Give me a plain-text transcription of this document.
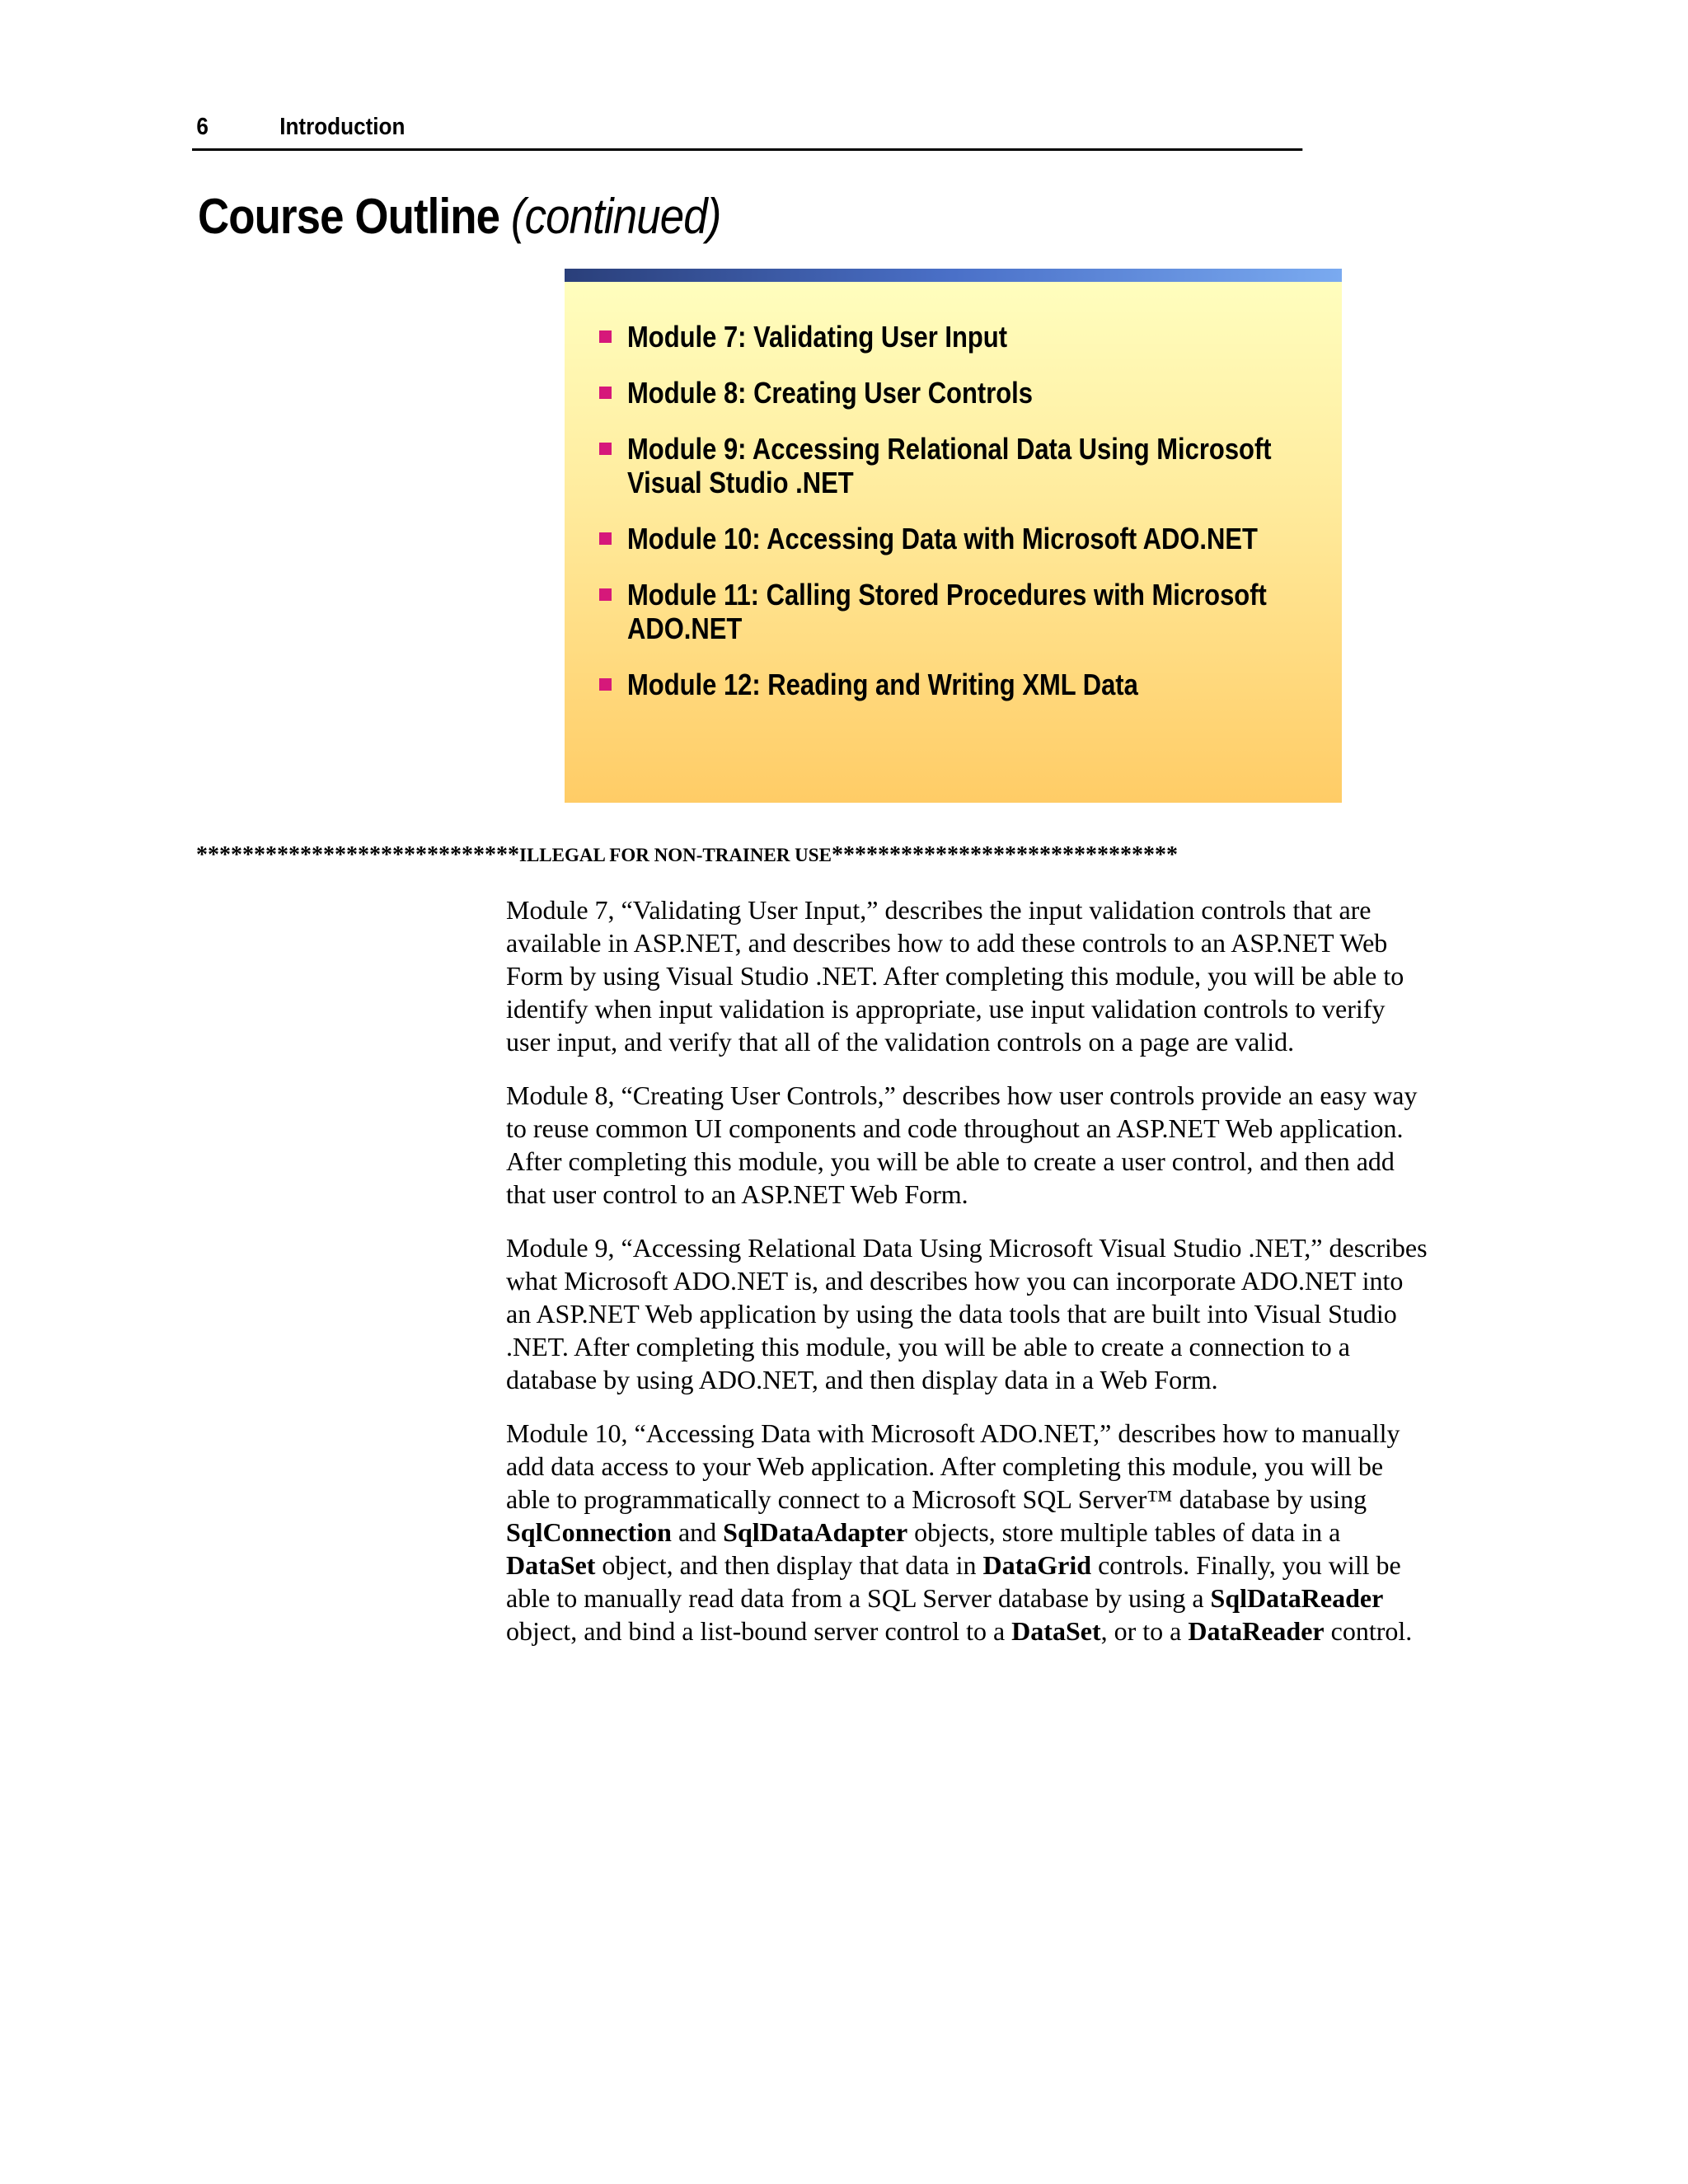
6	Introduction
Course Outline (continued)
Module 7: Validating User Input
Module 8: Creating User Controls
Module 9: Accessing Relational Data Using Microsoft Visual Studio .NET
Module 10: Accessing Data with Microsoft ADO.NET
Module 11: Calling Stored Procedures with Microsoft ADO.NET
Module 12: Reading and Writing XML Data
****************************ILLEGAL FOR NON-TRAINER USE******************************

Module 7, “Validating User Input,” describes the input validation controls that are available in ASP.NET, and describes how to add these controls to an ASP.NET Web Form by using Visual Studio .NET. After completing this module, you will be able to identify when input validation is appropriate, use input validation controls to verify user input, and verify that all of the validation controls on a page are valid.

Module 8, “Creating User Controls,” describes how user controls provide an easy way to reuse common UI components and code throughout an ASP.NET Web application. After completing this module, you will be able to create a user control, and then add that user control to an ASP.NET Web Form.

Module 9, “Accessing Relational Data Using Microsoft Visual Studio .NET,” describes what Microsoft ADO.NET is, and describes how you can incorporate ADO.NET into an ASP.NET Web application by using the data tools that are built into Visual Studio .NET. After completing this module, you will be able to create a connection to a database by using ADO.NET, and then display data in a Web Form.

Module 10, “Accessing Data with Microsoft ADO.NET,” describes how to manually add data access to your Web application. After completing this module, you will be able to programmatically connect to a Microsoft SQL Server™ database by using SqlConnection and SqlDataAdapter objects, store multiple tables of data in a DataSet object, and then display that data in DataGrid controls. Finally, you will be able to manually read data from a SQL Server database by using a SqlDataReader object, and bind a list-bound server control to a DataSet, or to a DataReader control.
